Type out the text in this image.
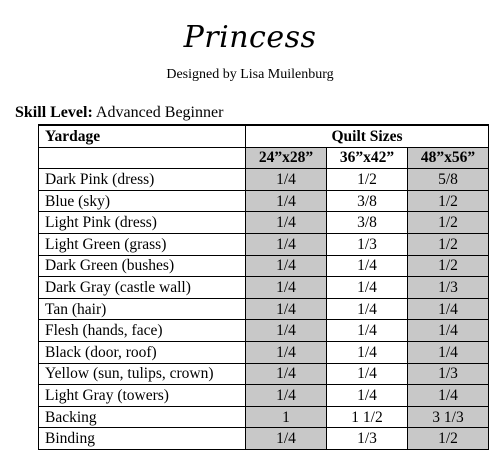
Princess
Designed by Lisa Muilenburg
Skill Level: Advanced Beginner
Yardage	Quilt Sizes		
	24”x28”	36”x42”	48”x56”
Dark Pink (dress)	1/4	1/2	5/8
Blue (sky)	1/4	3/8	1/2
Light Pink (dress)	1/4	3/8	1/2
Light Green (grass)	1/4	1/3	1/2
Dark Green (bushes)	1/4	1/4	1/2
Dark Gray (castle wall)	1/4	1/4	1/3
Tan (hair)	1/4	1/4	1/4
Flesh (hands, face)	1/4	1/4	1/4
Black (door, roof)	1/4	1/4	1/4
Yellow (sun, tulips, crown)	1/4	1/4	1/3
Light Gray (towers)	1/4	1/4	1/4
Backing	1	1 1/2	3 1/3
Binding	1/4	1/3	1/2
